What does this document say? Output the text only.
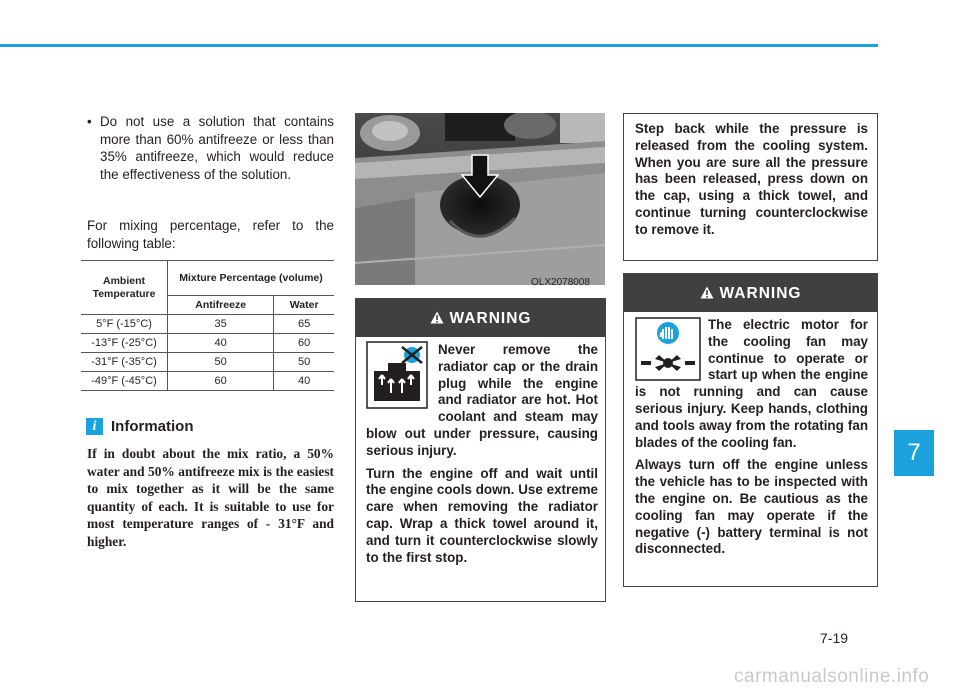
7
• Do not use a solution that contains more than 60% antifreeze or less than 35% antifreeze, which would reduce the effectiveness of the solution.
For mixing percentage, refer to the following table:
Ambient Temperature	Mixture Percentage (volume)	
	Antifreeze	Water
5°F (-15°C)	35	65
-13°F (-25°C)	40	60
-31°F (-35°C)	50	50
-49°F (-45°C)	60	40
i Information
If in doubt about the mix ratio, a 50% water and 50% antifreeze mix is the easiest to mix together as it will be the same quantity of each. It is suitable to use for most temperature ranges of - 31°F and higher.
OLX2078008
WARNING
Never remove the radiator cap or the drain plug while the engine and radiator are hot. Hot coolant and steam may blow out under pressure, causing serious injury.
Turn the engine off and wait until the engine cools down. Use extreme care when removing the radiator cap. Wrap a thick towel around it, and turn it counterclockwise slowly to the first stop.
Step back while the pressure is released from the cooling system. When you are sure all the pressure has been released, press down on the cap, using a thick towel, and continue turning counterclockwise to remove it.
WARNING
The electric motor for the cooling fan may continue to operate or start up when the engine is not running and can cause serious injury. Keep hands, clothing and tools away from the rotating fan blades of the cooling fan.
Always turn off the engine unless the vehicle has to be inspected with the engine on. Be cautious as the cooling fan may operate if the negative (-) battery terminal is not disconnected.
7-19
carmanualsonline.info
